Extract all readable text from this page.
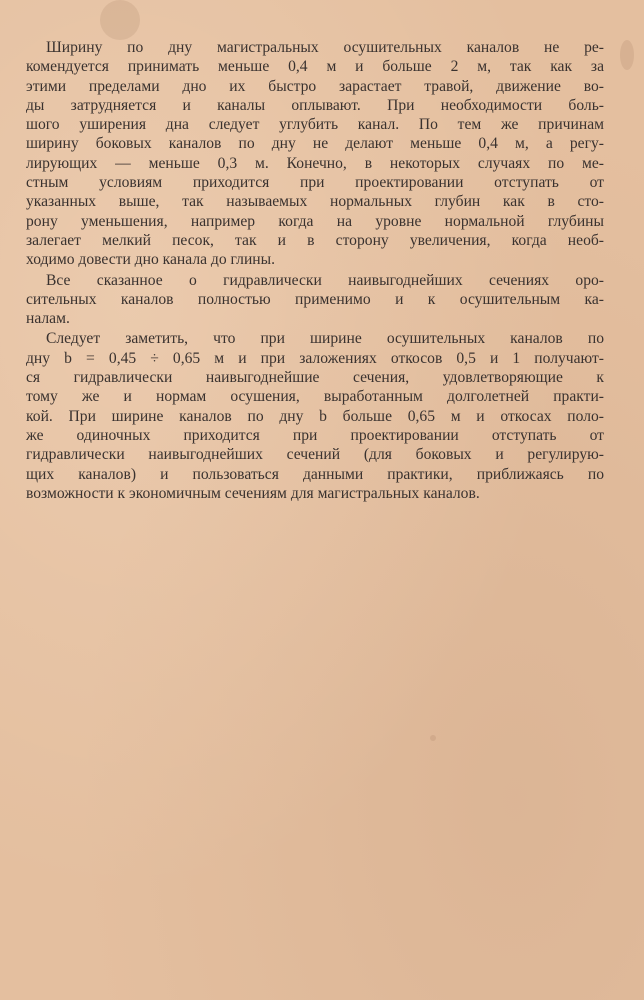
Ширину по дну магистральных осушительных каналов не ре-
комендуется принимать меньше 0,4 м и больше 2 м, так как за
этими пределами дно их быстро зарастает травой, движение во-
ды затрудняется и каналы оплывают. При необходимости боль-
шого уширения дна следует углубить канал. По тем же причинам
ширину боковых каналов по дну не делают меньше 0,4 м, а регу-
лирующих — меньше 0,3 м. Конечно, в некоторых случаях по ме-
стным условиям приходится при проектировании отступать от
указанных выше, так называемых нормальных глубин как в сто-
рону уменьшения, например когда на уровне нормальной глубины
залегает мелкий песок, так и в сторону увеличения, когда необ-
ходимо довести дно канала до глины.
Все сказанное о гидравлически наивыгоднейших сечениях оро-
сительных каналов полностью применимо и к осушительным ка-
налам.
Следует заметить, что при ширине осушительных каналов по
дну b = 0,45 ÷ 0,65 м и при заложениях откосов 0,5 и 1 получают-
ся гидравлически наивыгоднейшие сечения, удовлетворяющие к
тому же и нормам осушения, выработанным долголетней практи-
кой. При ширине каналов по дну b больше 0,65 м и откосах поло-
же одиночных приходится при проектировании отступать от
гидравлически наивыгоднейших сечений (для боковых и регулирую-
щих каналов) и пользоваться данными практики, приближаясь по
возможности к экономичным сечениям для магистральных каналов.
